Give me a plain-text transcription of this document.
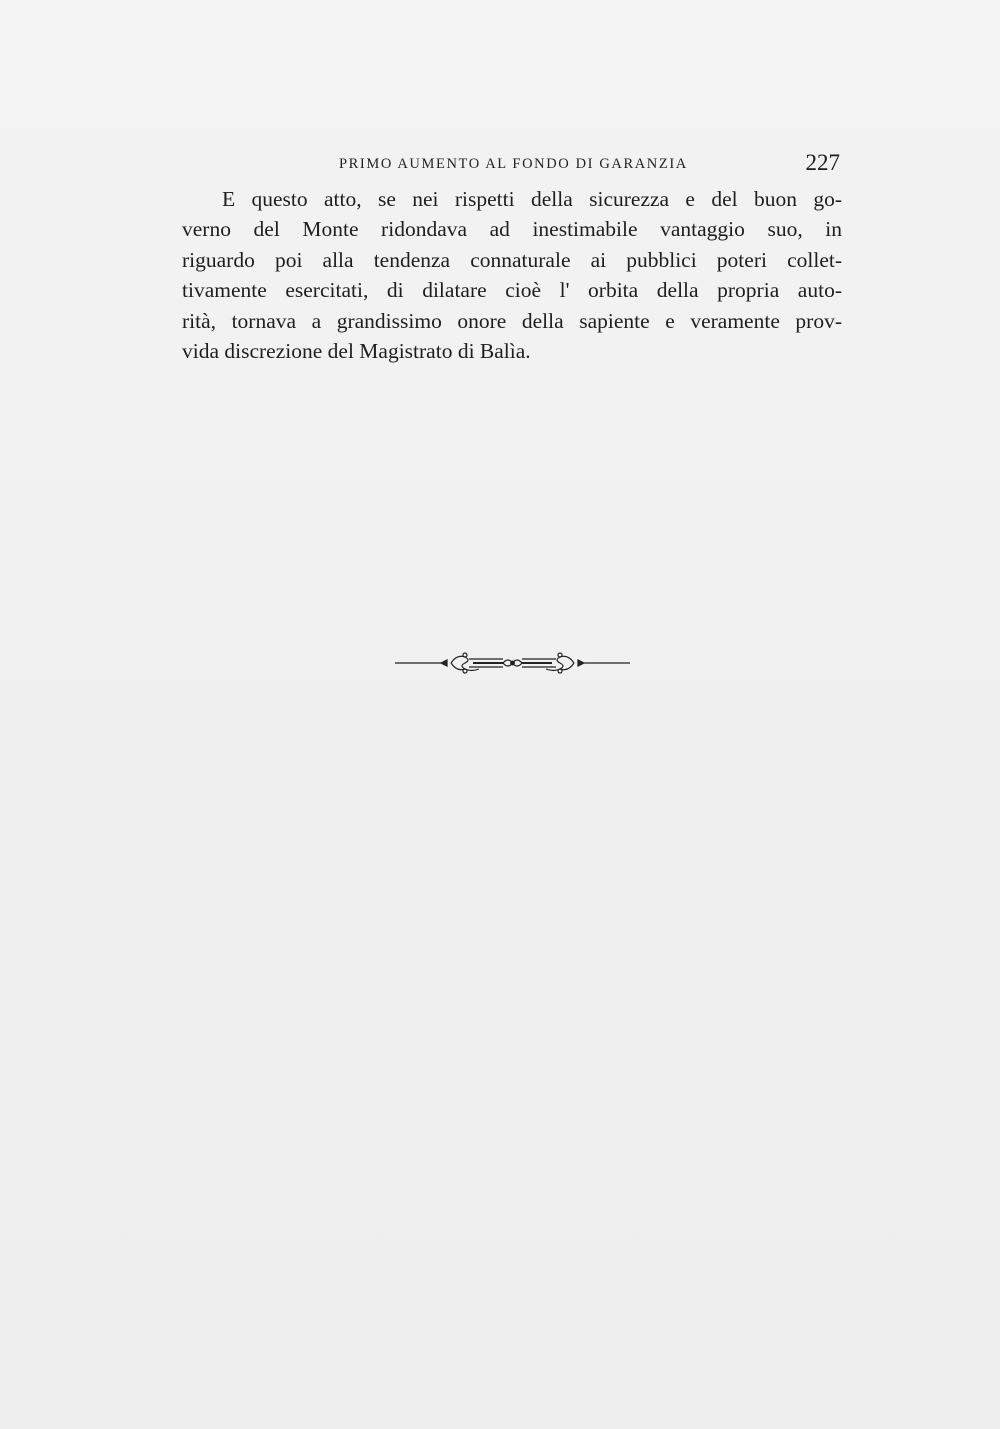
PRIMO AUMENTO AL FONDO DI GARANZIA	227
E questo atto, se nei rispetti della sicurezza e del buon go-
verno del Monte ridondava ad inestimabile vantaggio suo, in
riguardo poi alla tendenza connaturale ai pubblici poteri collet-
tivamente esercitati, di dilatare cioè l' orbita della propria auto-
rità, tornava a grandissimo onore della sapiente e veramente prov-
vida discrezione del Magistrato di Balìa.
